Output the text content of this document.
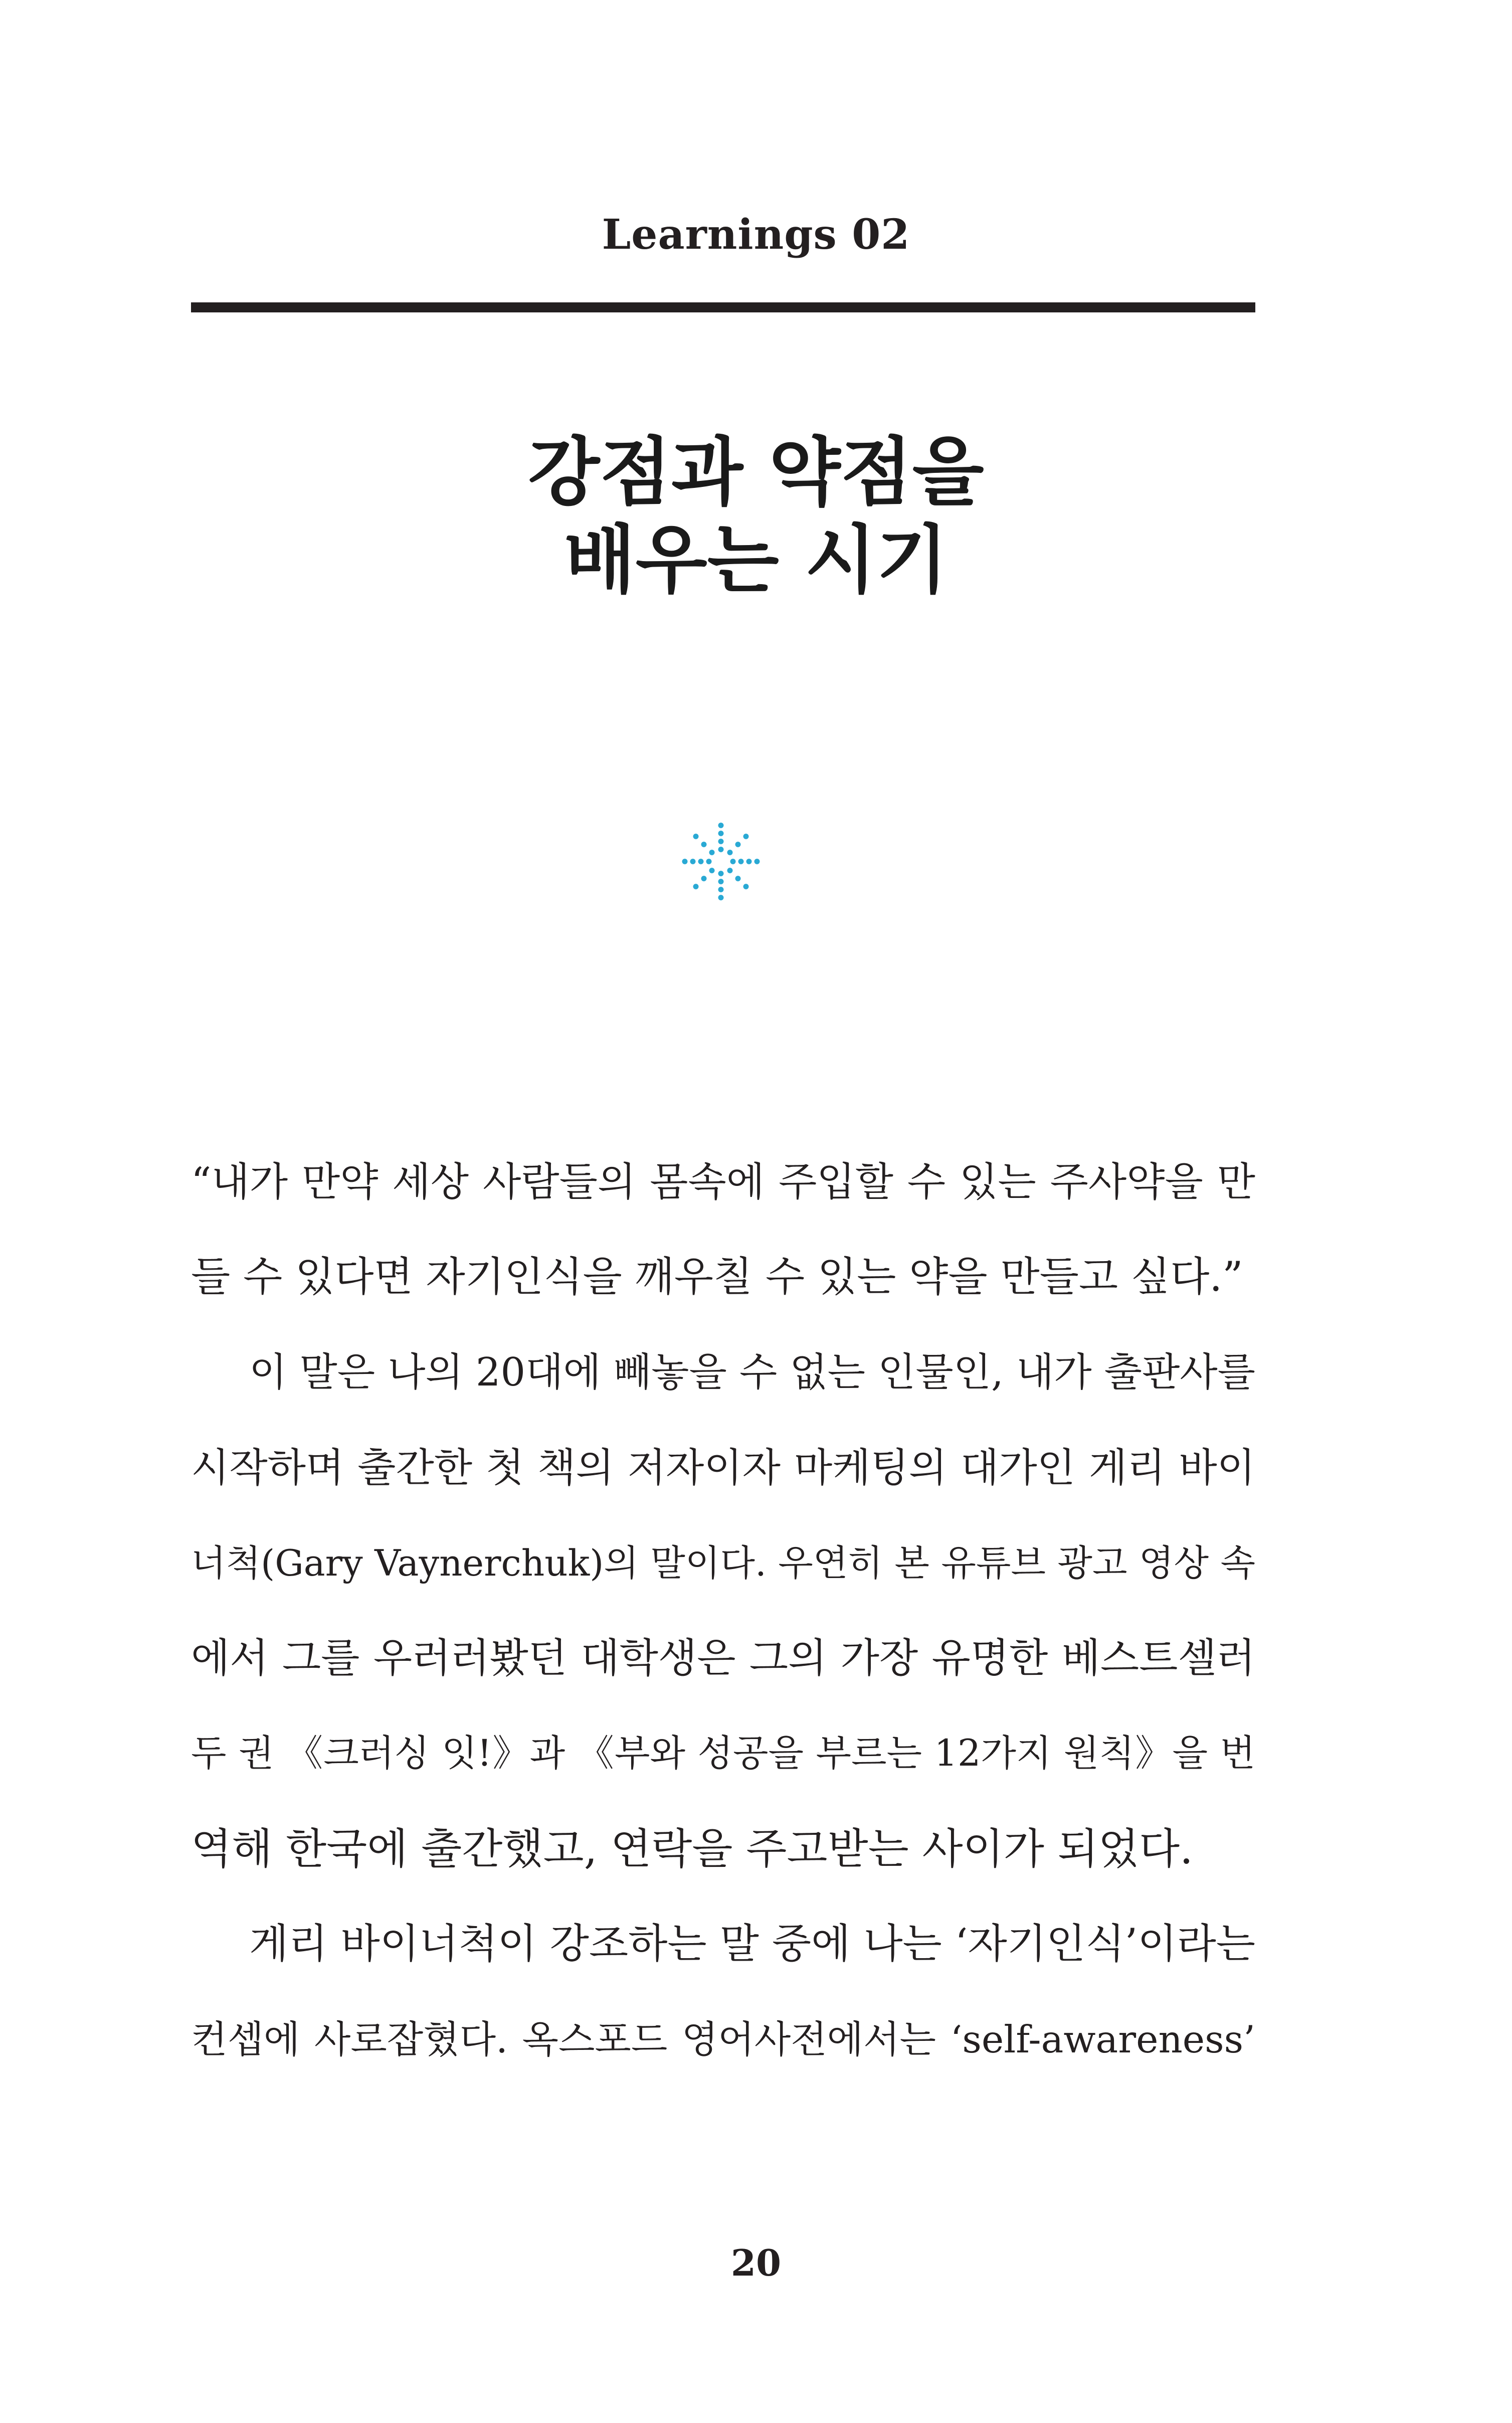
Learnings 02
강점과 약점을
배우는 시기
“내가 만약 세상 사람들의 몸속에 주입할 수 있는 주사약을 만
들 수 있다면 자기인식을 깨우칠 수 있는 약을 만들고 싶다.”
이 말은 나의 20대에 빼놓을 수 없는 인물인, 내가 출판사를
시작하며 출간한 첫 책의 저자이자 마케팅의 대가인 게리 바이
너척(Gary Vaynerchuk)의 말이다. 우연히 본 유튜브 광고 영상 속
에서 그를 우러러봤던 대학생은 그의 가장 유명한 베스트셀러
두 권 《크러싱 잇!》과 《부와 성공을 부르는 12가지 원칙》을 번
역해 한국에 출간했고, 연락을 주고받는 사이가 되었다.
게리 바이너척이 강조하는 말 중에 나는 ‘자기인식’이라는
컨셉에 사로잡혔다. 옥스포드 영어사전에서는 ‘self-awareness’
20
